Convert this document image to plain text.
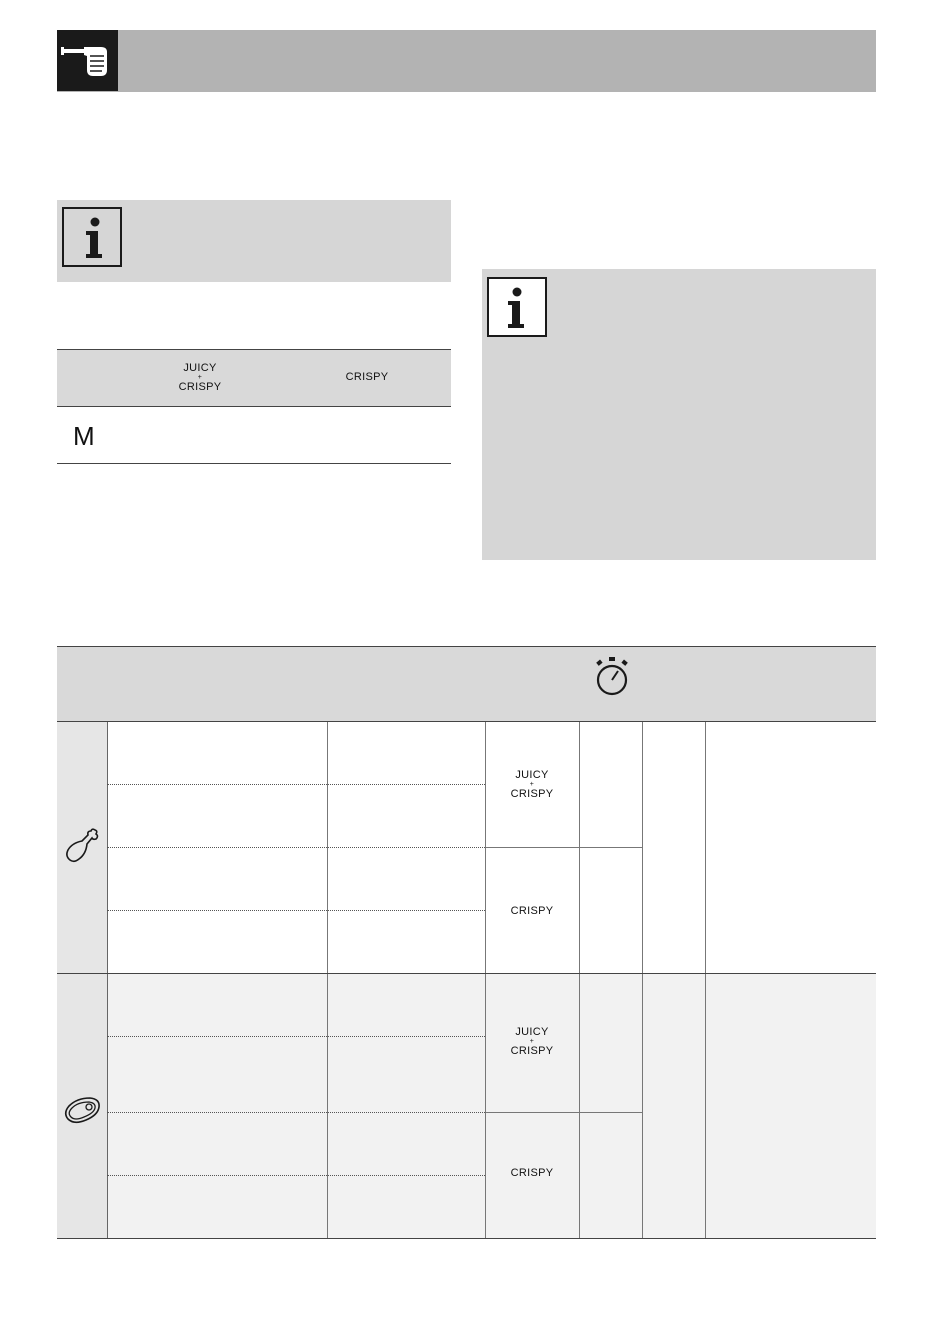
JUICY
+
CRISPY
CRISPY
M
JUICY
+
CRISPY
CRISPY
JUICY
+
CRISPY
CRISPY
